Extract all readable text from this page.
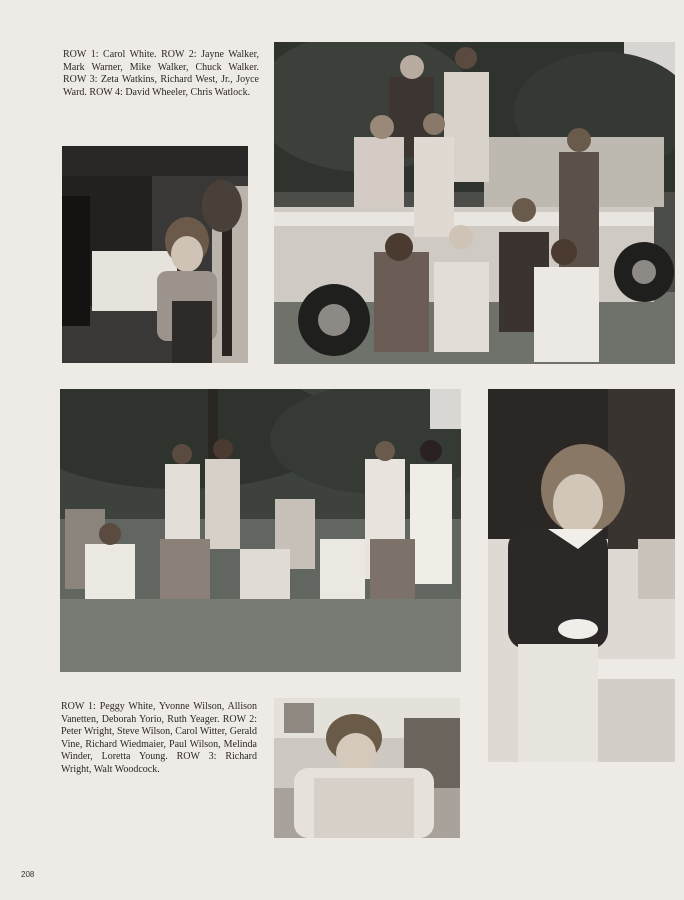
ROW 1: Carol White. ROW 2: Jayne Walker, Mark Warner, Mike Walker, Chuck Walker. ROW 3: Zeta Watkins, Richard West, Jr., Joyce Ward. ROW 4: David Wheeler, Chris Watlock.

ROW 1: Peggy White, Yvonne Wilson, Allison Vanetten, Deborah Yorio, Ruth Yeager. ROW 2: Peter Wright, Steve Wilson, Carol Witter, Gerald Vine, Richard Wiedmaier, Paul Wilson, Melinda Winder, Loretta Young. ROW 3: Richard Wright, Walt Woodcock.

208
